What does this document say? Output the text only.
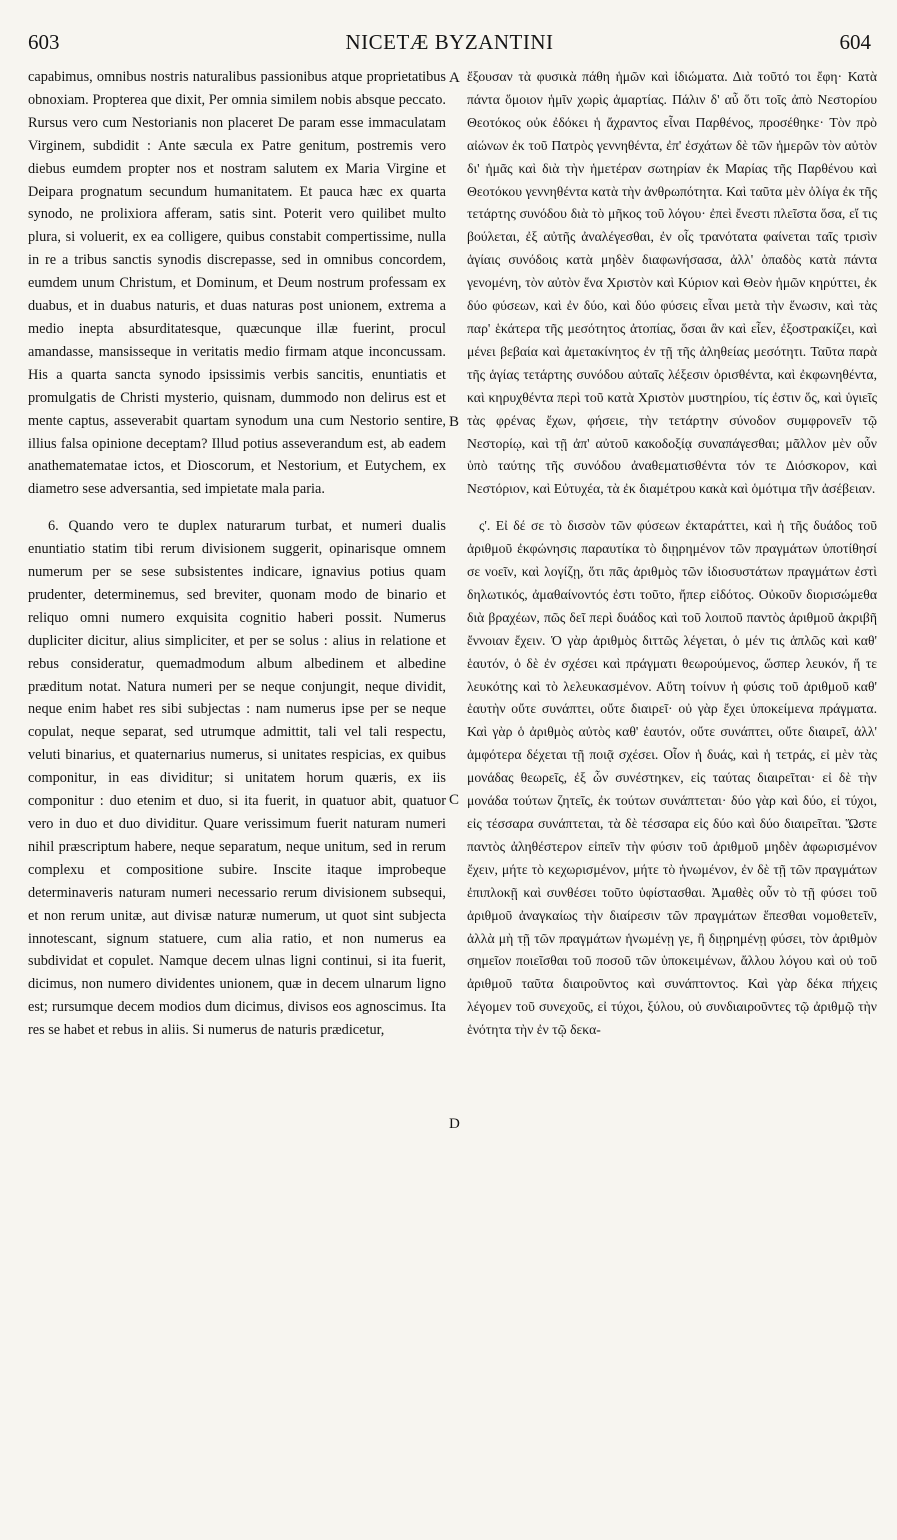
603	NICETÆ BYZANTINI	604

capabimus, omnibus nostris naturalibus passionibus atque proprietatibus obnoxiam. Propterea que dixit, Per omnia similem nobis absque peccato. Rursus vero cum Nestorianis non placeret De param esse immaculatam Virginem, subdidit : Ante sæcula ex Patre genitum, postremis vero diebus eumdem propter nos et nostram salutem ex Maria Virgine et Deipara prognatum secundum humanitatem. Et pauca hæc ex quarta synodo, ne prolixiora afferam, satis sint. Poterit vero quilibet multo plura, si voluerit, ex ea colligere, quibus constabit compertissime, nulla in re a tribus sanctis synodis discrepasse, sed in omnibus concordem, eumdem unum Christum, et Dominum, et Deum nostrum professam ex duabus, et in duabus naturis, et duas naturas post unionem, extrema a medio inepta absurditatesque, quæcunque illæ fuerint, procul amandasse, mansisseque in veritatis medio firmam atque inconcussam. His a quarta sancta synodo ipsissimis verbis sancitis, enuntiatis et promulgatis de Christi mysterio, quisnam, dummodo non delirus est et mente captus, asseverabit quartam synodum una cum Nestorio sentire, illius falsa opinione deceptam? Illud potius asseverandum est, ab eadem anathematematae ictos, et Dioscorum, et Nestorium, et Eutychem, ex diametro sese adversantia, sed impietate mala paria.

6. Quando vero te duplex naturarum turbat, et numeri dualis enuntiatio statim tibi rerum divisionem suggerit, opinarisque omnem numerum per se sese subsistentes indicare, ignavius potius quam prudenter, determinemus, sed breviter, quonam modo de binario et reliquo omni numero exquisita cognitio haberi possit. Numerus dupliciter dicitur, alius simpliciter, et per se solus : alius in relatione et rebus consideratur, quemadmodum album albedinem et albedine præditum notat. Natura numeri per se neque conjungit, neque dividit, neque enim habet res sibi subjectas : nam numerus ipse per se neque copulat, neque separat, sed utrumque admittit, tali vel tali respectu, veluti binarius, et quaternarius numerus, si unitates respicias, ex quibus componitur, in eas dividitur; si unitatem horum quæris, ex iis componitur : duo etenim et duo, si ita fuerit, in quatuor abit, quatuor vero in duo et duo dividitur. Quare verissimum fuerit naturam numeri nihil præscriptum habere, neque separatum, neque unitum, sed in rerum complexu et compositione subire. Inscite itaque improbeque determinaveris naturam numeri necessario rerum divisionem subsequi, et non rerum unitæ, aut divisæ naturæ numerum, ut quot sint subjecta innotescant, signum statuere, cum alia ratio, et non numerus ea subdividat et copulet. Namque decem ulnas ligni continui, si ita fuerit, dicimus, non numero dividentes unionem, quæ in decem ulnarum ligno est; rursumque decem modios dum dicimus, divisos eos agnoscimus. Ita res se habet et rebus in aliis. Si numerus de naturis prædicetur,

A
B
C
D

ἔξουσαν τὰ φυσικὰ πάθη ἡμῶν καὶ ἰδιώματα. Διὰ τοῦτό τοι ἔφη· Κατὰ πάντα ὅμοιον ἡμῖν χωρὶς ἁμαρτίας. Πάλιν δ' αὖ ὅτι τοῖς ἀπὸ Νεστορίου Θεοτόκος οὐκ ἐδόκει ἡ ἄχραντος εἶναι Παρθένος, προσέθηκε· Τὸν πρὸ αἰώνων ἐκ τοῦ Πατρὸς γεννηθέντα, ἐπ' ἐσχάτων δὲ τῶν ἡμερῶν τὸν αὐτὸν δι' ἡμᾶς καὶ διὰ τὴν ἡμετέραν σωτηρίαν ἐκ Μαρίας τῆς Παρθένου καὶ Θεοτόκου γεννηθέντα κατὰ τὴν ἀνθρωπότητα. Καὶ ταῦτα μὲν ὀλίγα ἐκ τῆς τετάρτης συνόδου διὰ τὸ μῆκος τοῦ λόγου· ἐπεὶ ἔνεστι πλεῖστα ὅσα, εἴ τις βούλεται, ἐξ αὐτῆς ἀναλέγεσθαι, ἐν οἷς τρανότατα φαίνεται ταῖς τρισὶν ἁγίαις συνόδοις κατὰ μηδὲν διαφωνήσασα, ἀλλ' ὁπαδὸς κατὰ πάντα γενομένη, τὸν αὐτὸν ἕνα Χριστὸν καὶ Κύριον καὶ Θεὸν ἡμῶν κηρύττει, ἐκ δύο φύσεων, καὶ ἐν δύο, καὶ δύο φύσεις εἶναι μετὰ τὴν ἕνωσιν, καὶ τὰς παρ' ἑκάτερα τῆς μεσότητος ἀτοπίας, ὅσαι ἂν καὶ εἶεν, ἐξοστρακίζει, καὶ μένει βεβαία καὶ ἀμετακίνητος ἐν τῇ τῆς ἀληθείας μεσότητι. Ταῦτα παρὰ τῆς ἁγίας τετάρτης συνόδου αὐταῖς λέξεσιν ὁρισθέντα, καὶ ἐκφωνηθέντα, καὶ κηρυχθέντα περὶ τοῦ κατὰ Χριστὸν μυστηρίου, τίς ἐστιν ὅς, καὶ ὑγιεῖς τὰς φρένας ἔχων, φήσειε, τὴν τετάρτην σύνοδον συμφρονεῖν τῷ Νεστορίῳ, καὶ τῇ ἀπ' αὐτοῦ κακοδοξίᾳ συναπάγεσθαι; μᾶλλον μὲν οὖν ὑπὸ ταύτης τῆς συνόδου ἀναθεματισθέντα τόν τε Διόσκορον, καὶ Νεστόριον, καὶ Εὐτυχέα, τὰ ἐκ διαμέτρου κακὰ καὶ ὁμότιμα τῆν ἀσέβειαν.

ς'. Εἰ δέ σε τὸ δισσὸν τῶν φύσεων ἐκταράττει, καὶ ἡ τῆς δυάδος τοῦ ἀριθμοῦ ἐκφώνησις παραυτίκα τὸ διῃρημένον τῶν πραγμάτων ὑποτίθησί σε νοεῖν, καὶ λογίζῃ, ὅτι πᾶς ἀριθμὸς τῶν ἰδιοσυστάτων πραγμάτων ἐστὶ δηλωτικός, ἀμαθαίνοντός ἐστι τοῦτο, ἤπερ εἰδότος. Οὐκοῦν διορισώμεθα διὰ βραχέων, πῶς δεῖ περὶ δυάδος καὶ τοῦ λοιποῦ παντὸς ἀριθμοῦ ἀκριβῆ ἔννοιαν ἔχειν. Ὁ γὰρ ἀριθμὸς διττῶς λέγεται, ὁ μέν τις ἁπλῶς καὶ καθ' ἑαυτόν, ὁ δὲ ἐν σχέσει καὶ πράγματι θεωρούμενος, ὥσπερ λευκόν, ἥ τε λευκότης καὶ τὸ λελευκασμένον. Αὕτη τοίνυν ἡ φύσις τοῦ ἀριθμοῦ καθ' ἑαυτὴν οὔτε συνάπτει, οὔτε διαιρεῖ· οὐ γὰρ ἔχει ὑποκείμενα πράγματα. Καὶ γὰρ ὁ ἀριθμὸς αὐτὸς καθ' ἑαυτόν, οὔτε συνάπτει, οὔτε διαιρεῖ, ἀλλ' ἀμφότερα δέχεται τῇ ποιᾷ σχέσει. Οἷον ἡ δυάς, καὶ ἡ τετράς, εἰ μὲν τὰς μονάδας θεωρεῖς, ἐξ ὧν συνέστηκεν, εἰς ταύτας διαιρεῖται· εἰ δὲ τὴν μονάδα τούτων ζητεῖς, ἐκ τούτων συνάπτεται· δύο γὰρ καὶ δύο, εἰ τύχοι, εἰς τέσσαρα συνάπτεται, τὰ δὲ τέσσαρα εἰς δύο καὶ δύο διαιρεῖται. Ὥστε παντὸς ἀληθέστερον εἰπεῖν τὴν φύσιν τοῦ ἀριθμοῦ μηδὲν ἀφωρισμένον ἔχειν, μήτε τὸ κεχωρισμένον, μήτε τὸ ἡνωμένον, ἐν δὲ τῇ τῶν πραγμάτων ἐπιπλοκῇ καὶ συνθέσει τοῦτο ὑφίστασθαι. Ἀμαθὲς οὖν τὸ τῇ φύσει τοῦ ἀριθμοῦ ἀναγκαίως τὴν διαίρεσιν τῶν πραγμάτων ἕπεσθαι νομοθετεῖν, ἀλλὰ μὴ τῇ τῶν πραγμάτων ἡνωμένῃ γε, ἢ διῃρημένῃ φύσει, τὸν ἀριθμὸν σημεῖον ποιεῖσθαι τοῦ ποσοῦ τῶν ὑποκειμένων, ἄλλου λόγου καὶ οὐ τοῦ ἀριθμοῦ ταῦτα διαιροῦντος καὶ συνάπτοντος. Καὶ γὰρ δέκα πήχεις λέγομεν τοῦ συνεχοῦς, εἰ τύχοι, ξύλου, οὐ συνδιαιροῦντες τῷ ἀριθμῷ τὴν ἑνότητα τὴν ἐν τῷ δεκα-
